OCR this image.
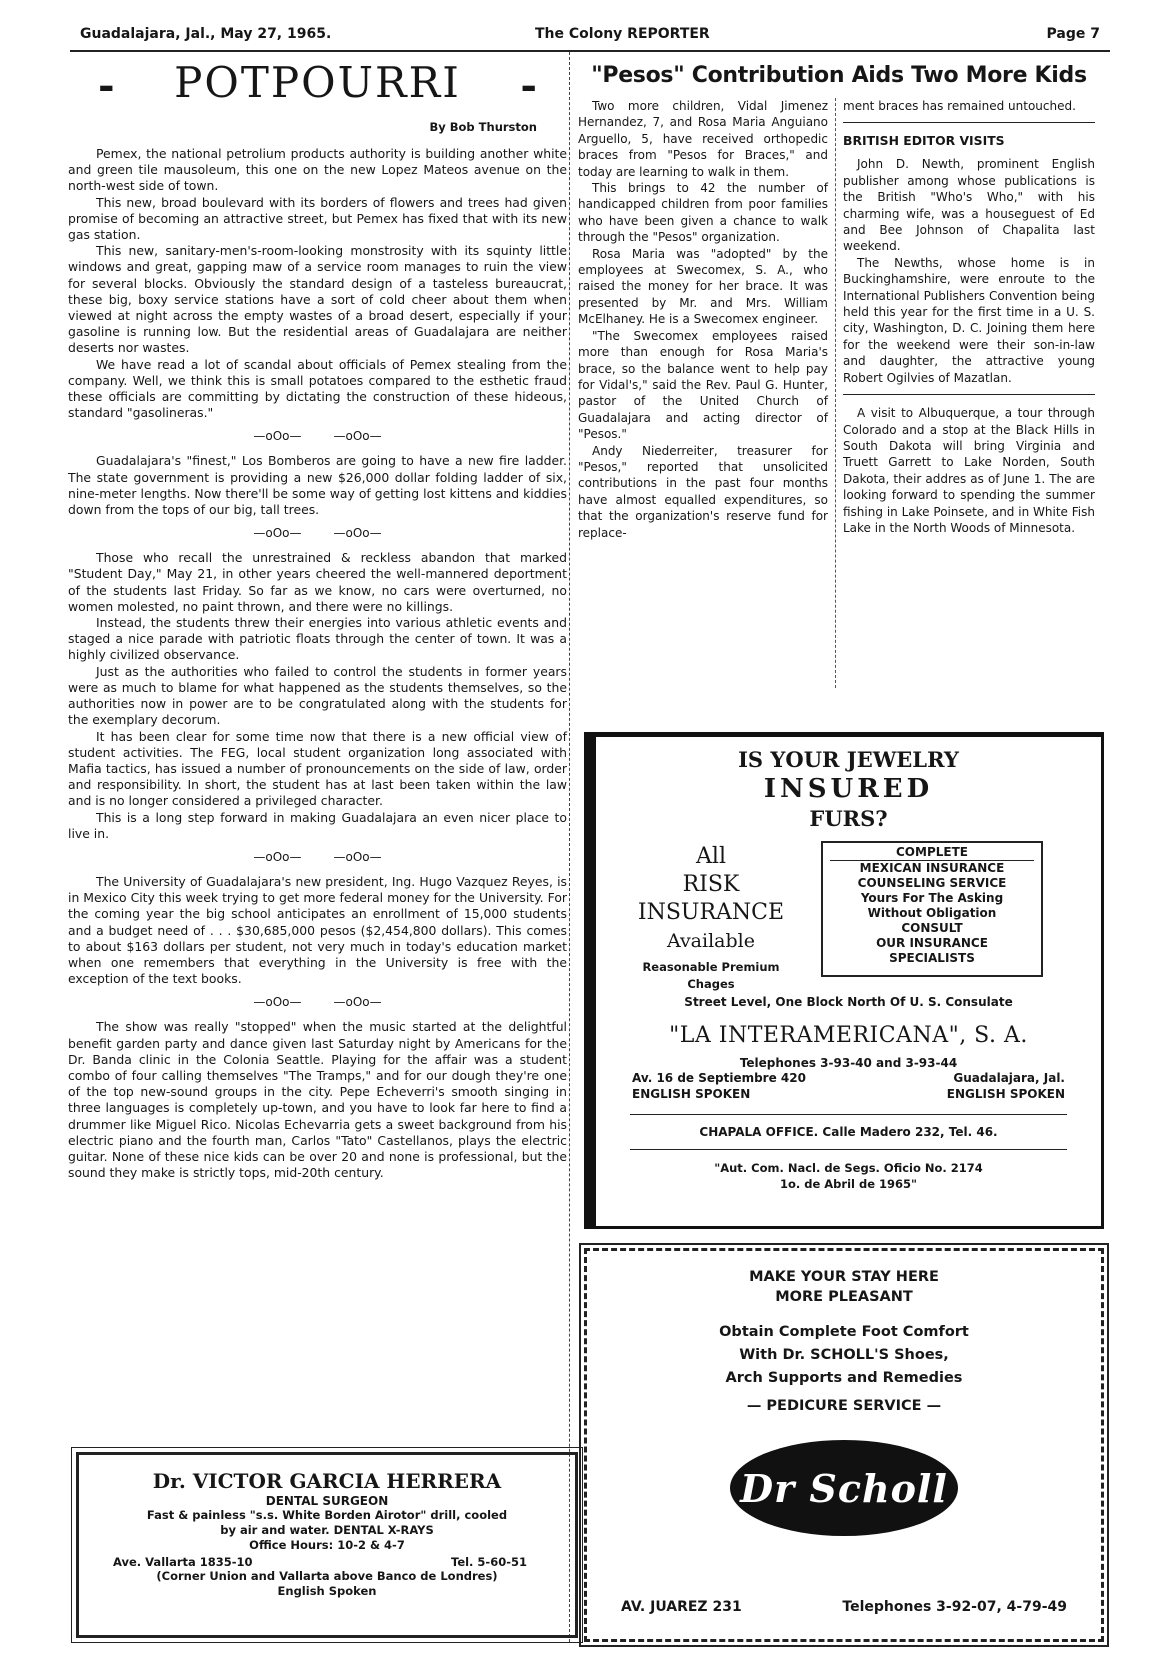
Guadalajara, Jal., May 27, 1965.	The Colony REPORTER	Page 7
-	POTPOURRI	-
By Bob Thurston

Pemex, the national petrolium products authority is building another white and green tile mausoleum, this one on the new Lopez Mateos avenue on the north-west side of town.

This new, broad boulevard with its borders of flowers and trees had given promise of becoming an attractive street, but Pemex has fixed that with its new gas station.

This new, sanitary-men's-room-looking monstrosity with its squinty little windows and great, gapping maw of a service room manages to ruin the view for several blocks. Obviously the standard design of a tasteless bureaucrat, these big, boxy service stations have a sort of cold cheer about them when viewed at night across the empty wastes of a broad desert, especially if your gasoline is running low. But the residential areas of Guadalajara are neither deserts nor wastes.

We have read a lot of scandal about officials of Pemex stealing from the company. Well, we think this is small potatoes compared to the esthetic fraud these officials are committing by dictating the construction of these hideous, standard "gasolineras."

—oOo—	—oOo—

Guadalajara's "finest," Los Bomberos are going to have a new fire ladder. The state government is providing a new $26,000 dollar folding ladder of six, nine-meter lengths. Now there'll be some way of getting lost kittens and kiddies down from the tops of our big, tall trees.

—oOo—	—oOo—

Those who recall the unrestrained & reckless abandon that marked "Student Day," May 21, in other years cheered the well-mannered deportment of the students last Friday. So far as we know, no cars were overturned, no women molested, no paint thrown, and there were no killings.

Instead, the students threw their energies into various athletic events and staged a nice parade with patriotic floats through the center of town. It was a highly civilized observance.

Just as the authorities who failed to control the students in former years were as much to blame for what happened as the students themselves, so the authorities now in power are to be congratulated along with the students for the exemplary decorum.

It has been clear for some time now that there is a new official view of student activities. The FEG, local student organization long associated with Mafia tactics, has issued a number of pronouncements on the side of law, order and responsibility. In short, the student has at last been taken within the law and is no longer considered a privileged character.

This is a long step forward in making Guadalajara an even nicer place to live in.

—oOo—	—oOo—

The University of Guadalajara's new president, Ing. Hugo Vazquez Reyes, is in Mexico City this week trying to get more federal money for the University. For the coming year the big school anticipates an enrollment of 15,000 students and a budget need of . . . $30,685,000 pesos ($2,454,800 dollars). This comes to about $163 dollars per student, not very much in today's education market when one remembers that everything in the University is free with the exception of the text books.

—oOo—	—oOo—

The show was really "stopped" when the music started at the delightful benefit garden party and dance given last Saturday night by Americans for the Dr. Banda clinic in the Colonia Seattle. Playing for the affair was a student combo of four calling themselves "The Tramps," and for our dough they're one of the top new-sound groups in the city. Pepe Echeverri's smooth singing in three languages is completely up-town, and you have to look far here to find a drummer like Miguel Rico. Nicolas Echevarria gets a sweet background from his electric piano and the fourth man, Carlos "Tato" Castellanos, plays the electric guitar. None of these nice kids can be over 20 and none is professional, but the sound they make is strictly tops, mid-20th century.

Dr. VICTOR GARCIA HERRERA
DENTAL SURGEON
Fast & painless "s.s. White Borden Airotor" drill, cooled
by air and water. DENTAL X-RAYS
Office Hours: 10-2 & 4-7
Ave. Vallarta 1835-10	Tel. 5-60-51
(Corner Union and Vallarta above Banco de Londres)
English Spoken
"Pesos" Contribution Aids Two More Kids

Two more children, Vidal Jimenez Hernandez, 7, and Rosa Maria Anguiano Arguello, 5, have received orthopedic braces from "Pesos for Braces," and today are learning to walk in them.

This brings to 42 the number of handicapped children from poor families who have been given a chance to walk through the "Pesos" organization.

Rosa Maria was "adopted" by the employees at Swecomex, S. A., who raised the money for her brace. It was presented by Mr. and Mrs. William McElhaney. He is a Swecomex engineer.

"The Swecomex employees raised more than enough for Rosa Maria's brace, so the balance went to help pay for Vidal's," said the Rev. Paul G. Hunter, pastor of the United Church of Guadalajara and acting director of "Pesos."

Andy Niederreiter, treasurer for "Pesos," reported that unsolicited contributions in the past four months have almost equalled expenditures, so that the organization's reserve fund for replace-

ment braces has remained untouched.

BRITISH EDITOR VISITS

John D. Newth, prominent English publisher among whose publications is the British "Who's Who," with his charming wife, was a houseguest of Ed and Bee Johnson of Chapalita last weekend.

The Newths, whose home is in Buckinghamshire, were enroute to the International Publishers Convention being held this year for the first time in a U. S. city, Washington, D. C. Joining them here for the weekend were their son-in-law and daughter, the attractive young Robert Ogilvies of Mazatlan.

A visit to Albuquerque, a tour through Colorado and a stop at the Black Hills in South Dakota will bring Virginia and Truett Garrett to Lake Norden, South Dakota, their addres as of June 1. The are looking forward to spending the summer fishing in Lake Poinsete, and in White Fish Lake in the North Woods of Minnesota.

IS YOUR JEWELRY
INSURED
FURS?
All
RISK
INSURANCE
Available
Reasonable Premium
Chages
COMPLETE
MEXICAN INSURANCE
COUNSELING SERVICE
Yours For The Asking
Without Obligation
CONSULT
OUR INSURANCE
SPECIALISTS
Street Level, One Block North Of U. S. Consulate
"LA INTERAMERICANA", S. A.
Telephones 3-93-40 and 3-93-44
Av. 16 de Septiembre 420	Guadalajara, Jal.
ENGLISH SPOKEN	ENGLISH SPOKEN
CHAPALA OFFICE. Calle Madero 232, Tel. 46.
"Aut. Com. Nacl. de Segs. Oficio No. 2174
1o. de Abril de 1965"
MAKE YOUR STAY HERE
MORE PLEASANT
Obtain Complete Foot Comfort
With Dr. SCHOLL'S Shoes,
Arch Supports and Remedies
— PEDICURE SERVICE —
Dr Scholl
AV. JUAREZ 231	Telephones 3-92-07, 4-79-49
